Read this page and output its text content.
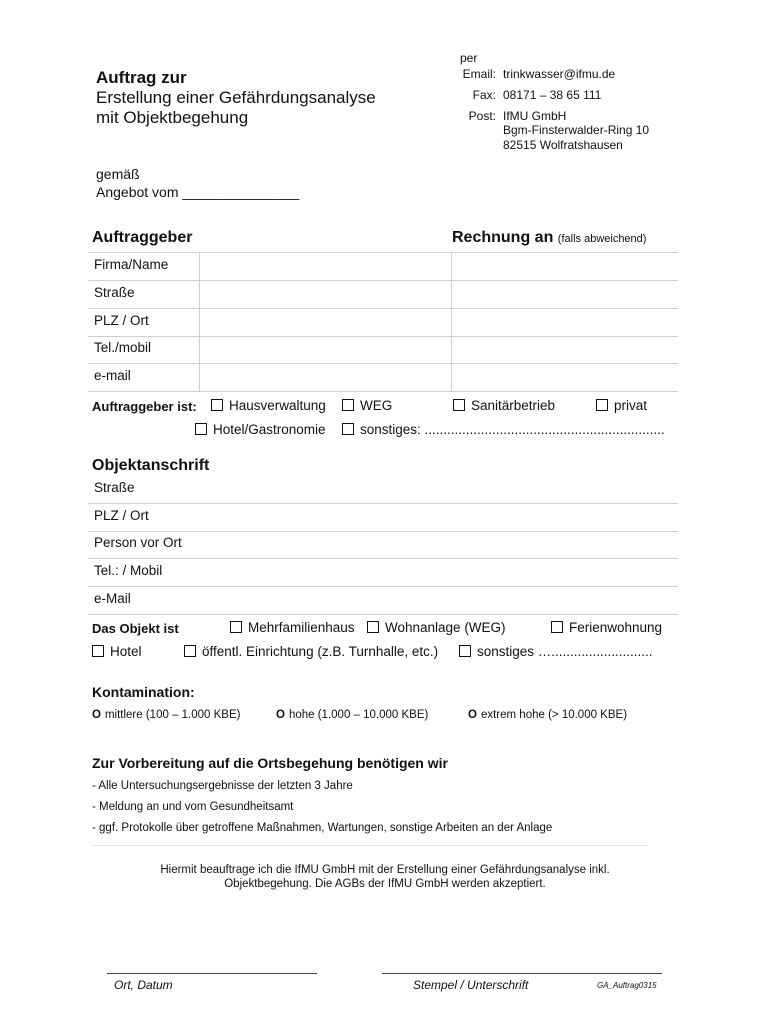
Auftrag zur
Erstellung einer Gefährdungsanalyse
mit Objektbegehung
per
Email: trinkwasser@ifmu.de
Fax: 08171 – 38 65 111
Post: IfMU GmbH
Bgm-Finsterwalder-Ring 10
82515 Wolfratshausen
gemäß
Angebot vom _______________
Auftraggeber	Rechnung an (falls abweichend)
Firma/Name
Straße
PLZ / Ort
Tel./mobil
e-mail
Auftraggeber ist:	Hausverwaltung	WEG	Sanitärbetrieb	privat
Hotel/Gastronomie	sonstiges: ................................................................
Objektanschrift
Straße
PLZ / Ort
Person vor Ort
Tel.: / Mobil
e-Mail
Das Objekt ist	Mehrfamilienhaus	Wohnanlage (WEG)	Ferienwohnung
Hotel	öffentl. Einrichtung (z.B. Turnhalle, etc.)	sonstiges …...........................
Kontamination:
O mittlere (100 – 1.000 KBE)	O hohe (1.000 – 10.000 KBE)	O extrem hohe (> 10.000 KBE)
Zur Vorbereitung auf die Ortsbegehung benötigen wir
- Alle Untersuchungsergebnisse der letzten 3 Jahre
- Meldung an und vom Gesundheitsamt
- ggf. Protokolle über getroffene Maßnahmen, Wartungen, sonstige Arbeiten an der Anlage
Hiermit beauftrage ich die IfMU GmbH mit der Erstellung einer Gefährdungsanalyse inkl.
Objektbegehung. Die AGBs der IfMU GmbH werden akzeptiert.
Ort, Datum	Stempel / Unterschrift	GA_Auftrag0315
